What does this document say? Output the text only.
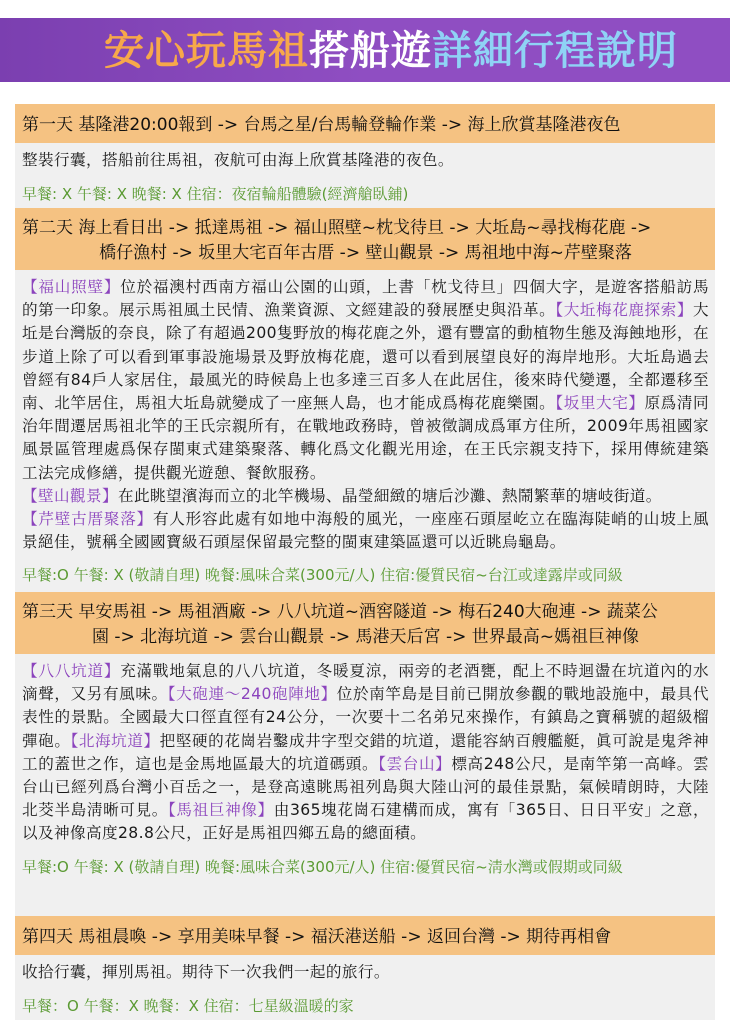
安心玩馬祖搭船遊詳細行程說明
第一天 基隆港20:00報到 -> 台馬之星/台馬輪登輪作業 -> 海上欣賞基隆港夜色

整裝行囊，搭船前往馬祖，夜航可由海上欣賞基隆港的夜色。

早餐: X 午餐: X 晚餐: X 住宿：夜宿輪船體驗(經濟艙臥鋪)

第二天 海上看日出 -> 抵達馬祖 -> 福山照壁~枕戈待旦 -> 大坵島~尋找梅花鹿 ->
橋仔漁村 -> 坂里大宅百年古厝 -> 壁山觀景 -> 馬祖地中海~芹壁聚落

【福山照壁】位於福澳村西南方福山公園的山頭，上書「枕戈待旦」四個大字，是遊客搭船訪馬的第一印象。展示馬祖風土民情、漁業資源、文經建設的發展歷史與沿革。【大坵梅花鹿探索】大坵是台灣版的奈良，除了有超過200隻野放的梅花鹿之外，還有豐富的動植物生態及海蝕地形，在步道上除了可以看到軍事設施場景及野放梅花鹿，還可以看到展望良好的海岸地形。大坵島過去曾經有84戶人家居住，最風光的時候島上也多達三百多人在此居住，後來時代變遷，全都遷移至南、北竿居住，馬祖大坵島就變成了一座無人島，也才能成爲梅花鹿樂園。【坂里大宅】原爲清同治年間遷居馬祖北竿的王氏宗親所有，在戰地政務時，曾被徵調成爲軍方住所，2009年馬祖國家風景區管理處爲保存閩東式建築聚落、轉化爲文化觀光用途，在王氏宗親支持下，採用傳統建築工法完成修繕，提供觀光遊憩、餐飲服務。
【壁山觀景】在此眺望濱海而立的北竿機場、晶瑩細緻的塘后沙灘、熱鬧繁華的塘岐街道。
【芹壁古厝聚落】有人形容此處有如地中海般的風光，一座座石頭屋屹立在臨海陡峭的山坡上風景絕佳，號稱全國國寶級石頭屋保留最完整的閩東建築區還可以近眺烏龜島。

早餐:O 午餐: X (敬請自理) 晚餐:風味合菜(300元/人) 住宿:優質民宿~台江或達露岸或同級

第三天 早安馬祖 -> 馬祖酒廠 -> 八八坑道~酒窖隧道 -> 梅石240大砲連 -> 蔬菜公
園 -> 北海坑道 -> 雲台山觀景 -> 馬港天后宮 -> 世界最高~媽祖巨神像

【八八坑道】充滿戰地氣息的八八坑道，冬暖夏涼，兩旁的老酒甕，配上不時迴盪在坑道內的水滴聲，又另有風味。【大砲連～240砲陣地】位於南竿島是目前已開放參觀的戰地設施中，最具代表性的景點。全國最大口徑直徑有24公分，一次要十二名弟兄來操作，有鎮島之寶稱號的超級榴彈砲。【北海坑道】把堅硬的花崗岩鑿成井字型交錯的坑道，還能容納百艘艦艇，眞可說是鬼斧神工的蓋世之作，這也是金馬地區最大的坑道碼頭。【雲台山】標高248公尺，是南竿第一高峰。雲台山已經列爲台灣小百岳之一，是登高遠眺馬祖列島與大陸山河的最佳景點，氣候晴朗時，大陸北茭半島淸晰可見。【馬祖巨神像】由365塊花崗石建構而成，寓有「365日、日日平安」之意，以及神像高度28.8公尺，正好是馬祖四鄉五島的總面積。

早餐:O 午餐: X (敬請自理) 晚餐:風味合菜(300元/人) 住宿:優質民宿~淸水灣或假期或同級

第四天 馬祖晨喚 -> 享用美味早餐 -> 福沃港送船 -> 返回台灣 -> 期待再相會

收拾行囊，揮別馬祖。期待下一次我們一起的旅行。

早餐：O 午餐：X 晚餐：X 住宿：七星級溫暖的家
